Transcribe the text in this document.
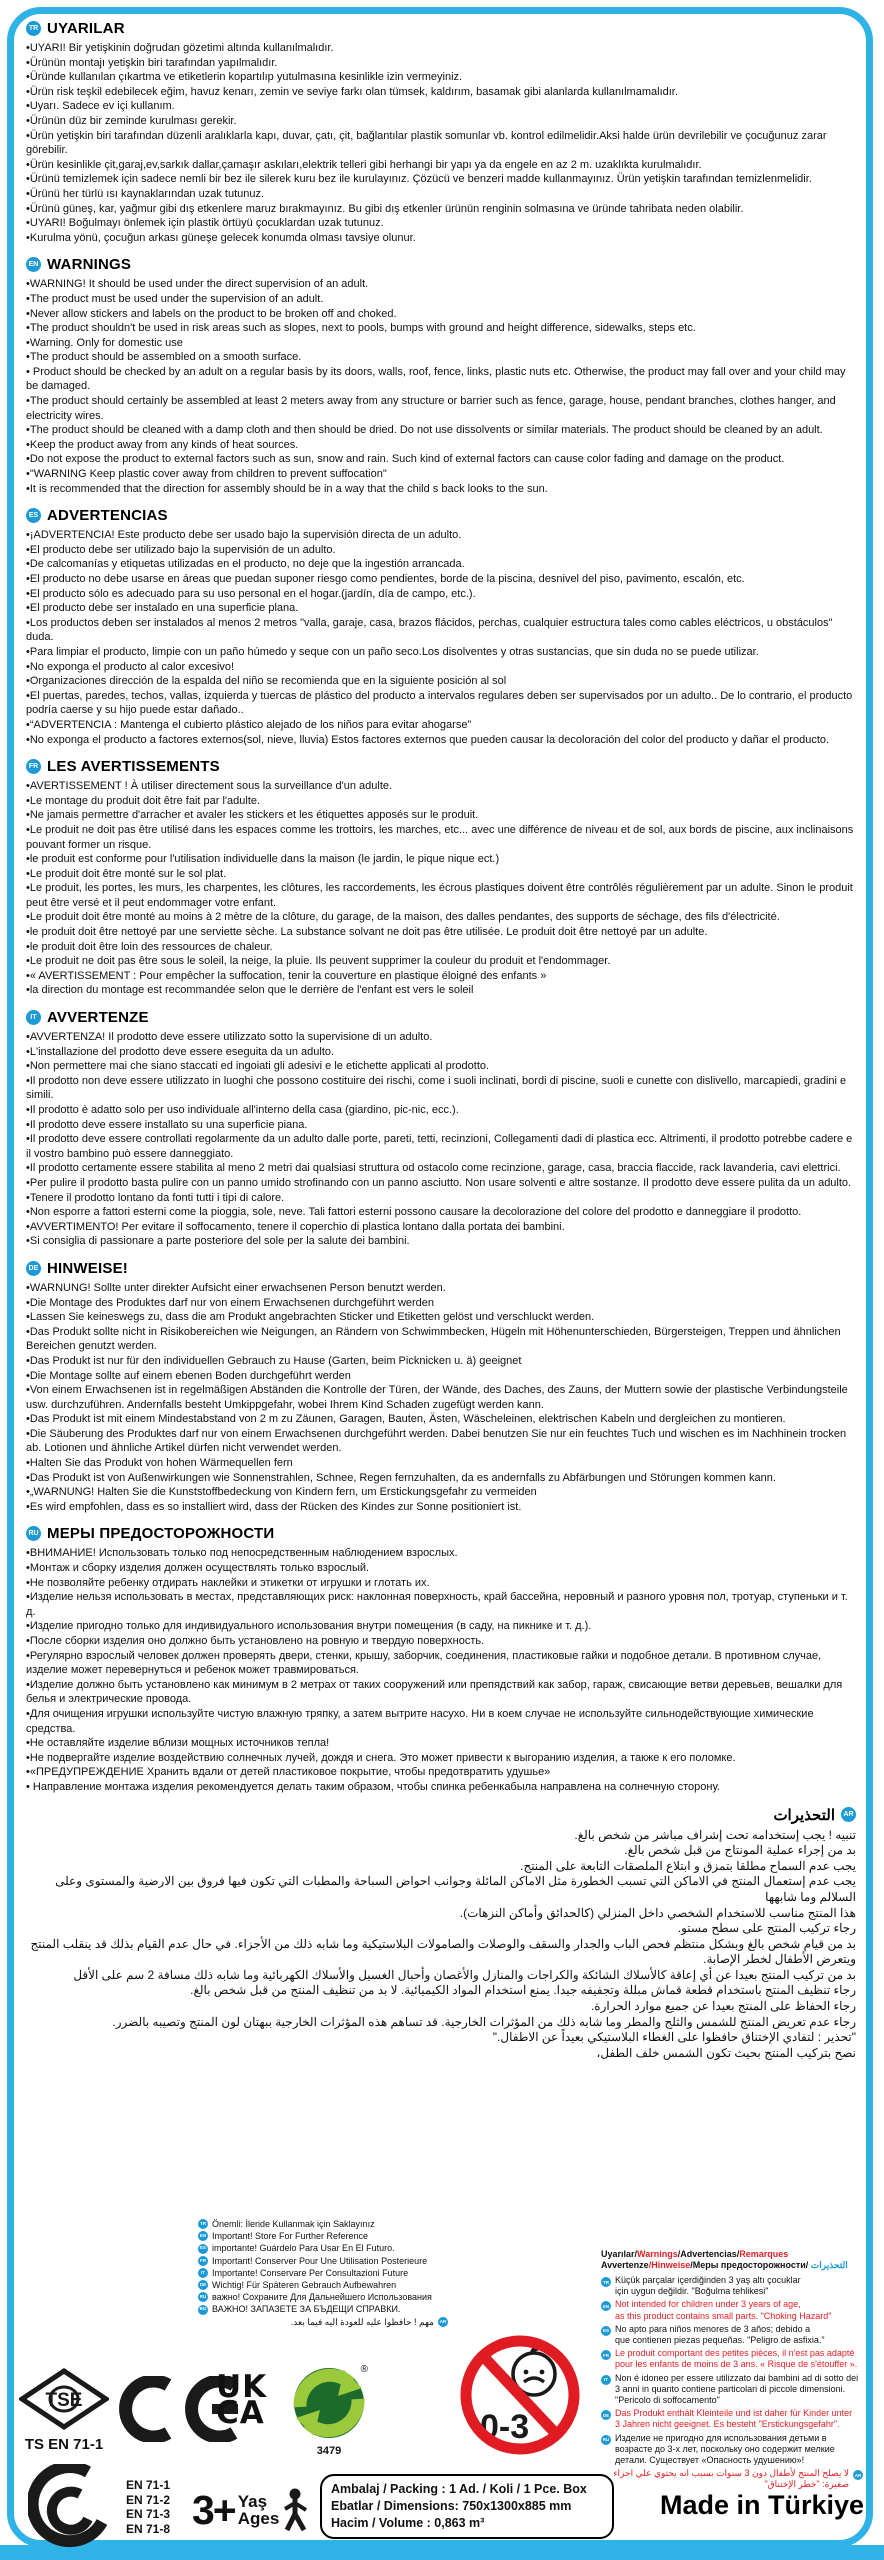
TR UYARILAR

•UYARI! Bir yetişkinin doğrudan gözetimi altında kullanılmalıdır.

•Ürünün montajı yetişkin biri tarafından yapılmalıdır.

•Üründe kullanılan çıkartma ve etiketlerin kopartılıp yutulmasına kesinlikle izin vermeyiniz.

•Ürün risk teşkil edebilecek eğim, havuz kenarı, zemin ve seviye farkı olan tümsek, kaldırım, basamak gibi alanlarda kullanılmamalıdır.

•Uyarı. Sadece ev içi kullanım.

•Ürünün düz bir zeminde kurulması gerekir.

•Ürün yetişkin biri tarafından düzenli aralıklarla kapı, duvar, çatı, çit, bağlantılar plastik somunlar vb. kontrol edilmelidir.Aksi halde ürün devrilebilir ve çocuğunuz zarar görebilir.

•Ürün kesinlikle çit,garaj,ev,sarkık dallar,çamaşır askıları,elektrik telleri gibi herhangi bir yapı ya da engele en az 2 m. uzaklıkta kurulmalıdır.

•Ürünü temizlemek için sadece nemli bir bez ile silerek kuru bez ile kurulayınız. Çözücü ve benzeri madde kullanmayınız. Ürün yetişkin tarafından temizlenmelidir.

•Ürünü her türlü ısı kaynaklarından uzak tutunuz.

•Ürünü güneş, kar, yağmur gibi dış etkenlere maruz bırakmayınız. Bu gibi dış etkenler ürünün renginin solmasına ve üründe tahribata neden olabilir.

•UYARI! Boğulmayı önlemek için plastik örtüyü çocuklardan uzak tutunuz.

•Kurulma yönü, çocuğun arkası güneşe gelecek konumda olması tavsiye olunur.

EN WARNINGS

•WARNING! It should be used under the direct supervision of an adult.

•The product must be used under the supervision of an adult.

•Never allow stickers and labels on the product to be broken off and choked.

•The product shouldn't be used in risk areas such as slopes, next to pools, bumps with ground and height difference, sidewalks, steps etc.

•Warning. Only for domestic use

•The product should be assembled on a smooth surface.

• Product should be checked by an adult on a regular basis by its doors, walls, roof, fence, links, plastic nuts etc. Otherwise, the product may fall over and your child may be damaged.

•The product should certainly be assembled at least 2 meters away from any structure or barrier such as fence, garage, house, pendant branches, clothes hanger, and electricity wires.

•The product should be cleaned with a damp cloth and then should be dried. Do not use dissolvents or similar materials. The product should be cleaned by an adult.

•Keep the product away from any kinds of heat sources.

•Do not expose the product to external factors such as sun, snow and rain. Such kind of external factors can cause color fading and damage on the product.

•"WARNING Keep plastic cover away from children to prevent suffocation"

•It is recommended that the direction for assembly should be in a way that the child s back looks to the sun.

ES ADVERTENCIAS

•¡ADVERTENCIA! Este producto debe ser usado bajo la supervisión directa de un adulto.

•El producto debe ser utilizado bajo la supervisión de un adulto.

•De calcomanías y etiquetas utilizadas en el producto, no deje que la ingestión arrancada.

•El producto no debe usarse en áreas que puedan suponer riesgo como pendientes, borde de la piscina, desnivel del piso, pavimento, escalón, etc.

•El producto sólo es adecuado para su uso personal en el hogar.(jardín, día de campo, etc.).

•El producto debe ser instalado en una superficie plana.

•Los productos deben ser instalados al menos 2 metros "valla, garaje, casa, brazos flácidos, perchas, cualquier estructura tales como cables eléctricos, u obstáculos" duda.

•Para limpiar el producto, limpie con un paño húmedo y seque con un paño seco.Los disolventes y otras sustancias, que sin duda no se puede utilizar.

•No exponga el producto al calor excesivo!

•Organizaciones dirección de la espalda del niño se recomienda que en la siguiente posición al sol

•El puertas, paredes, techos, vallas, izquierda y tuercas de plástico del producto a intervalos regulares deben ser supervisados por un adulto.. De lo contrario, el producto podría caerse y su hijo puede estar dañado..

•“ADVERTENCIA : Mantenga el cubierto plástico alejado de los niños para evitar ahogarse”

•No exponga el producto a factores externos(sol, nieve, lluvia) Estos factores externos que pueden causar la decoloración del color del producto y dañar el producto.

FR LES AVERTISSEMENTS

•AVERTISSEMENT ! À utiliser directement sous la surveillance d'un adulte.

•Le montage du produit doit être fait par l'adulte.

•Ne jamais permettre d'arracher et avaler les stickers et les étiquettes apposés sur le produit.

•Le produit ne doit pas être utilisé dans les espaces comme les trottoirs, les marches, etc... avec une différence de niveau et de sol, aux bords de piscine, aux inclinaisons pouvant former un risque.

•le produit est conforme pour l'utilisation individuelle dans la maison (le jardin, le pique nique ect.)

•Le produit doit être monté sur le sol plat.

•Le produit, les portes, les murs, les charpentes, les clôtures, les raccordements, les écrous plastiques doivent être contrôlés régulièrement par un adulte. Sinon le produit peut être versé et il peut endommager votre enfant.

•Le produit doit être monté au moins à 2 mètre de la clôture, du garage, de la maison, des dalles pendantes, des supports de séchage, des fils d'électricité.

•le produit doit être nettoyé par une serviette sèche. La substance solvant ne doit pas être utilisée. Le produit doit être nettoyé par un adulte.

•le produit doit être loin des ressources de chaleur.

•Le produit ne doit pas être sous le soleil, la neige, la pluie. Ils peuvent supprimer la couleur du produit et l'endommager.

•« AVERTISSEMENT : Pour empêcher la suffocation, tenir la couverture en plastique éloigné des enfants »

•la direction du montage est recommandée selon que le derrière de l'enfant est vers le soleil

IT AVVERTENZE

•AVVERTENZA! Il prodotto deve essere utilizzato sotto la supervisione di un adulto.

•L'installazione del prodotto deve essere eseguita da un adulto.

•Non permettere mai che siano staccati ed ingoiati gli adesivi e le etichette applicati al prodotto.

•Il prodotto non deve essere utilizzato in luoghi che possono costituire dei rischi, come i suoli inclinati, bordi di piscine, suoli e cunette con dislivello, marcapiedi, gradini e simili.

•Il prodotto è adatto solo per uso individuale all'interno della casa (giardino, pic-nic, ecc.).

•Il prodotto deve essere installato su una superficie piana.

•Il prodotto deve essere controllati regolarmente da un adulto dalle porte, pareti, tetti, recinzioni, Collegamenti dadi di plastica ecc. Altrimenti, il prodotto potrebbe cadere e il vostro bambino può essere danneggiato.

•Il prodotto certamente essere stabilita al meno 2 metri dai qualsiasi struttura od ostacolo come recinzione, garage, casa, braccia flaccide, rack lavanderia, cavi elettrici.

•Per pulire il prodotto basta pulire con un panno umido strofinando con un panno asciutto. Non usare solventi e altre sostanze. Il prodotto deve essere pulita da un adulto.

•Tenere il prodotto lontano da fonti tutti i tipi di calore.

•Non esporre a fattori esterni come la pioggia, sole, neve. Tali fattori esterni possono causare la decolorazione del colore del prodotto e danneggiare il prodotto.

•AVVERTIMENTO! Per evitare il soffocamento, tenere il coperchio di plastica lontano dalla portata dei bambini.

•Si consiglia di passionare a parte posteriore del sole per la salute dei bambini.

DE HINWEISE!

•WARNUNG! Sollte unter direkter Aufsicht einer erwachsenen Person benutzt werden.

•Die Montage des Produktes darf nur von einem Erwachsenen durchgeführt werden

•Lassen Sie keineswegs zu, dass die am Produkt angebrachten Sticker und Etiketten gelöst und verschluckt werden.

•Das Produkt sollte nicht in Risikobereichen wie Neigungen, an Rändern von Schwimmbecken, Hügeln mit Höhenunterschieden, Bürgersteigen, Treppen und ähnlichen Bereichen genutzt werden.

•Das Produkt ist nur für den individuellen Gebrauch zu Hause (Garten, beim Picknicken u. ä) geeignet

•Die Montage sollte auf einem ebenen Boden durchgeführt werden

•Von einem Erwachsenen ist in regelmäßigen Abständen die Kontrolle der Türen, der Wände, des Daches, des Zauns, der Muttern sowie der plastische Verbindungsteile usw. durchzuführen. Andernfalls besteht Umkippgefahr, wobei Ihrem Kind Schaden zugefügt werden kann.

•Das Produkt ist mit einem Mindestabstand von 2 m zu Zäunen, Garagen, Bauten, Ästen, Wäscheleinen, elektrischen Kabeln und dergleichen zu montieren.

•Die Säuberung des Produktes darf nur von einem Erwachsenen durchgeführt werden. Dabei benutzen Sie nur ein feuchtes Tuch und wischen es im Nachhinein trocken ab. Lotionen und ähnliche Artikel dürfen nicht verwendet werden.

•Halten Sie das Produkt von hohen Wärmequellen fern

•Das Produkt ist von Außenwirkungen wie Sonnenstrahlen, Schnee, Regen fernzuhalten, da es andernfalls zu Abfärbungen und Störungen kommen kann.

•„WARNUNG! Halten Sie die Kunststoffbedeckung von Kindern fern, um Erstickungsgefahr zu vermeiden

•Es wird empfohlen, dass es so installiert wird, dass der Rücken des Kindes zur Sonne positioniert ist.

RU МЕРЫ ПРЕДОСТОРОЖНОСТИ

•ВНИМАНИЕ! Использовать только под непосредственным наблюдением взрослых.

•Монтаж и сборку изделия должен осуществлять только взрослый.

•Не позволяйте ребенку отдирать наклейки и этикетки от игрушки и глотать их.

•Изделие нельзя использовать в местах, представляющих риск: наклонная поверхность, край бассейна, неровный и разного уровня пол, тротуар, ступеньки и т. д.

•Изделие пригодно только для индивидуального использования внутри помещения (в саду, на пикнике и т. д.).

•После сборки изделия оно должно быть установлено на ровную и твердую поверхность.

•Регулярно взрослый человек должен проверять двери, стенки, крышу, заборчик, соединения, пластиковые гайки и подобное детали. В противном случае, изделие может перевернуться и ребенок может травмироваться.

•Изделие должно быть установлено как минимум в 2 метрах от таких сооружений или препядствий как забор, гараж, свисающие ветви деревьев, вешалки для белья и электрические провода.

•Для очищения игрушки используйте чистую влажную тряпку, а затем вытрите насухо. Ни в коем случае не используйте сильнодействующие химические средства.

•Не оставляйте изделие вблизи мощных источников тепла!

•Не подвергайте изделие воздействию солнечных лучей, дождя и снега. Это может привести к выгоранию изделия, а также к его поломке.

•«ПРЕДУПРЕЖДЕНИЕ Хранить вдали от детей пластиковое покрытие, чтобы предотвратить удушье»

• Направление монтажа изделия рекомендуется делать таким образом, чтобы спинка ребенкабыла направлена на солнечную сторону.

AR
التحذيرات

تنبيه ! يجب إستخدامه تحت إشراف مباشر من شخص بالغ.

بد من إجراء عملية المونتاج من قبل شخص بالغ.

يجب عدم السماح مطلقا بتمزق و ابتلاع الملصقات التابعة على المنتج.

يجب عدم إستعمال المنتج في الاماكن التي تسبب الخطورة مثل الاماكن المائلة وجوانب احواض السباحة والمطبات التي تكون فيها فروق بين الارضية والمستوى وعلى السلالم وما شابهها

هذا المنتج مناسب للاستخدام الشخصي داخل المنزلي (كالحدائق وأماكن النزهات).

رجاء تركيب المنتج على سطح مستو.

بد من قيام شخص بالغ وبشكل منتظم فحص الباب والجدار والسقف والوصلات والصامولات البلاستيكية وما شابه ذلك من الأجزاء. في حال عدم القيام بذلك قد ينقلب المنتج ويتعرض الأطفال لخطر الإصابة.

بد من تركيب المنتج بعيدا عن أي إعاقة كالأسلاك الشائكة والكراجات والمنازل والأغصان وأحبال الغسيل والأسلاك الكهربائية وما شابه ذلك مسافة 2 سم على الأقل

رجاء تنظيف المنتج باستخدام قطعة قماش مبللة وتجفيفه جيدا. يمنع استخدام المواد الكيميائية. لا بد من تنظيف المنتج من قبل شخص بالغ.

رجاء الحفاظ على المنتج بعيدا عن جميع موارد الحرارة.

رجاء عدم تعريض المنتج للشمس والثلج والمطر وما شابه ذلك من المؤثرات الخارجية. قد تساهم هذه المؤثرات الخارجية ببهتان لون المنتج وتصيبه بالضرر.

"تحذير : لتفادي الإختناق حافظوا على الغطاء البلاستيكي بعيداً عن الاطفال."

نصح بتركيب المنتج بحيث تكون الشمس خلف الطفل،

TR Önemli: İleride Kullanmak için Saklayınız
EN Important! Store For Further Reference
ES importante! Guárdelo Para Usar En El Futuro.
FR Important! Conserver Pour Une Utilisation Posterieure
IT Importante! Conservare Per Consultazioni Future
DE Wichtig! Für Späteren Gebrauch Aufbewahren
RU важно! Сохраните Для Дальнейшего Использования
BG ВАЖНО! ЗАПАЗЕТЕ ЗА БЪДЕЩИ СПРАВКИ.
AR
مهم ! حافظوا عليه للعودة اليه فيما بعد.
Uyarılar/Warnings/Advertencias/Remarques
Avvertenze/Hinweise/Меры предосторожности/ التحذيرات
TR Küçük parçalar içerdiğinden 3 yaş altı çocuklar
için uygun değildir. "Boğulma tehlikesi"
EN Not intended for children under 3 years of age,
as this product contains small parts. "Choking Hazard"
ES No apto para niños menores de 3 años; debido a
que contienen piezas pequeñas. "Peligro de asfixia."
FR Le produit comportant des petites pièces, il n'est pas adapté
pour les enfants de moins de 3 ans. « Risque de s'étouffer ».
IT Non é idoneo per essere utilizzato dai bambini ad di sotto dei
3 anni in quanto contiene particolari di piccole dimensioni.
"Pericolo di soffocamento"
DE Das Produkt enthält Kleinteile und ist daher für Kinder unter
3 Jahren nicht geeignet. Es besteht "Erstickungsgefahr".
RU Изделие не пригодно для использования детьми в
возрасте до 3-х лет, поскольку оно содержит мелкие
детали. Существует «Опасность удушению»!
AR
لا يصلح المنتج لأطفال دون 3 سنوات بسبب انه يحتوي علي اجزاء
صغيرة: "خطر الإختناق"
0-3
TSE
TS EN 71-1
UK
CA
®
3479
EN 71-1
EN 71-2
EN 71-3
EN 71-8 3+ Yaş
Ages
Ambalaj / Packing : 1 Ad. / Koli / 1 Pce. Box
Ebatlar / Dimensions: 750x1300x885 mm
Hacim / Volume : 0,863 m³
Made in Türkiye
